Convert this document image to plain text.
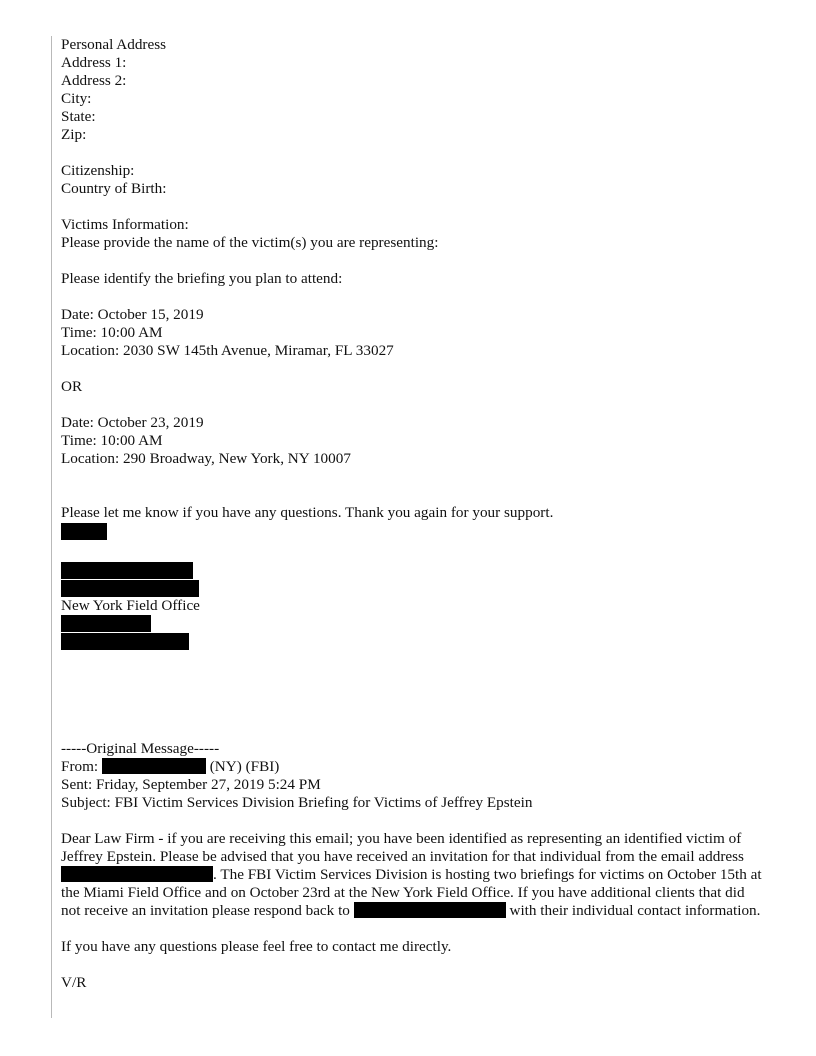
Personal Address
Address 1:
Address 2:
City:
State:
Zip:
Citizenship:
Country of Birth:
Victims Information:
Please provide the name of the victim(s) you are representing:
Please identify the briefing you plan to attend:
Date: October 15, 2019
Time: 10:00 AM
Location: 2030 SW 145th Avenue, Miramar, FL 33027
OR
Date: October 23, 2019
Time: 10:00 AM
Location: 290 Broadway, New York, NY 10007
Please let me know if you have any questions. Thank you again for your support.
New York Field Office
-----Original Message-----
From:	(NY) (FBI)
Sent: Friday, September 27, 2019 5:24 PM
Subject: FBI Victim Services Division Briefing for Victims of Jeffrey Epstein
Dear Law Firm - if you are receiving this email; you have been identified as representing an identified victim of Jeffrey Epstein. Please be advised that you have received an invitation for that individual from the email address . The FBI Victim Services Division is hosting two briefings for victims on October 15th at the Miami Field Office and on October 23rd at the New York Field Office. If you have additional clients that did not receive an invitation please respond back to	with their individual contact information.
If you have any questions please feel free to contact me directly.
V/R
